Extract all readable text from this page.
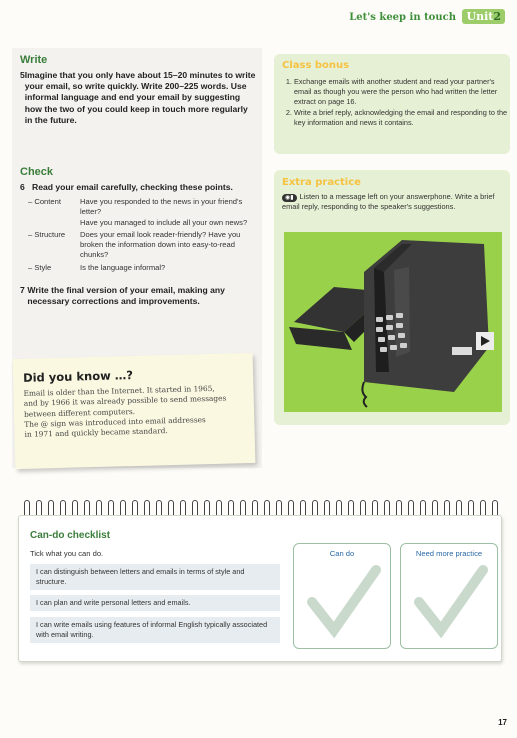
Let's keep in touch Unit2
Write

5 Imagine that you only have about 15–20 minutes to write your email, so write quickly. Write 200–225 words. Use informal language and end your email by suggesting how the two of you could keep in touch more regularly in the future.

Check

6 Read your email carefully, checking these points.

– Content	Have you responded to the news in your friend's letter?
Have you managed to include all your own news?

– Structure	Does your email look reader-friendly? Have you broken the information down into easy-to-read chunks?
– Style	Is the language informal?

7 Write the final version of your email, making any necessary corrections and improvements.

Did you know …?

Email is older than the Internet. It started in 1965,

and by 1966 it was already possible to send messages

between different computers.

The @ sign was introduced into email addresses

in 1971 and quickly became standard.

Class bonus
1. Exchange emails with another student and read your partner's email as though you were the person who had written the letter extract on page 16.
2. Write a brief reply, acknowledging the email and responding to the key information and news it contains.
Extra practice

◉▮ Listen to a message left on your answerphone. Write a brief email reply, responding to the speaker's suggestions.

Can-do checklist
Tick what you can do.
I can distinguish between letters and emails in terms of style and structure.
I can plan and write personal letters and emails.
I can write emails using features of informal English typically associated with email writing.
Can do	Need more practice
17
